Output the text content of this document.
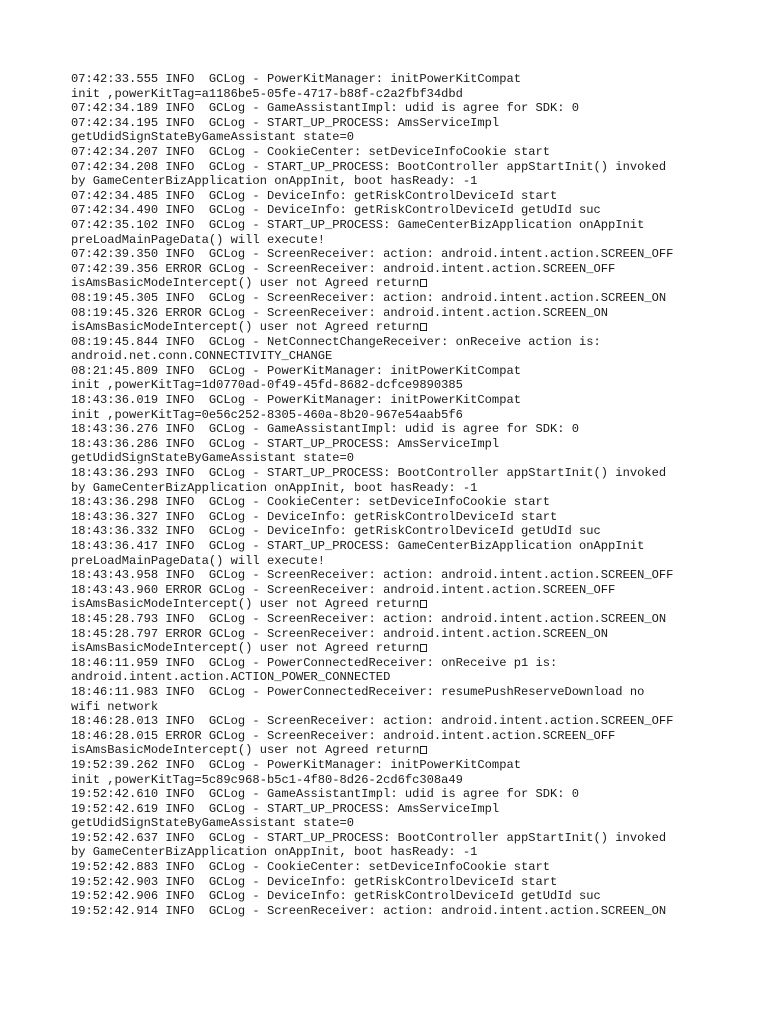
07:42:33.555 INFO  GCLog - PowerKitManager: initPowerKitCompat
init ,powerKitTag=a1186be5-05fe-4717-b88f-c2a2fbf34dbd
07:42:34.189 INFO  GCLog - GameAssistantImpl: udid is agree for SDK: 0
07:42:34.195 INFO  GCLog - START_UP_PROCESS: AmsServiceImpl
getUdidSignStateByGameAssistant state=0
07:42:34.207 INFO  GCLog - CookieCenter: setDeviceInfoCookie start
07:42:34.208 INFO  GCLog - START_UP_PROCESS: BootController appStartInit() invoked
by GameCenterBizApplication onAppInit, boot hasReady: -1
07:42:34.485 INFO  GCLog - DeviceInfo: getRiskControlDeviceId start
07:42:34.490 INFO  GCLog - DeviceInfo: getRiskControlDeviceId getUdId suc
07:42:35.102 INFO  GCLog - START_UP_PROCESS: GameCenterBizApplication onAppInit
preLoadMainPageData() will execute!
07:42:39.350 INFO  GCLog - ScreenReceiver: action: android.intent.action.SCREEN_OFF
07:42:39.356 ERROR GCLog - ScreenReceiver: android.intent.action.SCREEN_OFF
isAmsBasicModeIntercept() user not Agreed return
08:19:45.305 INFO  GCLog - ScreenReceiver: action: android.intent.action.SCREEN_ON
08:19:45.326 ERROR GCLog - ScreenReceiver: android.intent.action.SCREEN_ON
isAmsBasicModeIntercept() user not Agreed return
08:19:45.844 INFO  GCLog - NetConnectChangeReceiver: onReceive action is:
android.net.conn.CONNECTIVITY_CHANGE
08:21:45.809 INFO  GCLog - PowerKitManager: initPowerKitCompat
init ,powerKitTag=1d0770ad-0f49-45fd-8682-dcfce9890385
18:43:36.019 INFO  GCLog - PowerKitManager: initPowerKitCompat
init ,powerKitTag=0e56c252-8305-460a-8b20-967e54aab5f6
18:43:36.276 INFO  GCLog - GameAssistantImpl: udid is agree for SDK: 0
18:43:36.286 INFO  GCLog - START_UP_PROCESS: AmsServiceImpl
getUdidSignStateByGameAssistant state=0
18:43:36.293 INFO  GCLog - START_UP_PROCESS: BootController appStartInit() invoked
by GameCenterBizApplication onAppInit, boot hasReady: -1
18:43:36.298 INFO  GCLog - CookieCenter: setDeviceInfoCookie start
18:43:36.327 INFO  GCLog - DeviceInfo: getRiskControlDeviceId start
18:43:36.332 INFO  GCLog - DeviceInfo: getRiskControlDeviceId getUdId suc
18:43:36.417 INFO  GCLog - START_UP_PROCESS: GameCenterBizApplication onAppInit
preLoadMainPageData() will execute!
18:43:43.958 INFO  GCLog - ScreenReceiver: action: android.intent.action.SCREEN_OFF
18:43:43.960 ERROR GCLog - ScreenReceiver: android.intent.action.SCREEN_OFF
isAmsBasicModeIntercept() user not Agreed return
18:45:28.793 INFO  GCLog - ScreenReceiver: action: android.intent.action.SCREEN_ON
18:45:28.797 ERROR GCLog - ScreenReceiver: android.intent.action.SCREEN_ON
isAmsBasicModeIntercept() user not Agreed return
18:46:11.959 INFO  GCLog - PowerConnectedReceiver: onReceive p1 is:
android.intent.action.ACTION_POWER_CONNECTED
18:46:11.983 INFO  GCLog - PowerConnectedReceiver: resumePushReserveDownload no
wifi network
18:46:28.013 INFO  GCLog - ScreenReceiver: action: android.intent.action.SCREEN_OFF
18:46:28.015 ERROR GCLog - ScreenReceiver: android.intent.action.SCREEN_OFF
isAmsBasicModeIntercept() user not Agreed return
19:52:39.262 INFO  GCLog - PowerKitManager: initPowerKitCompat
init ,powerKitTag=5c89c968-b5c1-4f80-8d26-2cd6fc308a49
19:52:42.610 INFO  GCLog - GameAssistantImpl: udid is agree for SDK: 0
19:52:42.619 INFO  GCLog - START_UP_PROCESS: AmsServiceImpl
getUdidSignStateByGameAssistant state=0
19:52:42.637 INFO  GCLog - START_UP_PROCESS: BootController appStartInit() invoked
by GameCenterBizApplication onAppInit, boot hasReady: -1
19:52:42.883 INFO  GCLog - CookieCenter: setDeviceInfoCookie start
19:52:42.903 INFO  GCLog - DeviceInfo: getRiskControlDeviceId start
19:52:42.906 INFO  GCLog - DeviceInfo: getRiskControlDeviceId getUdId suc
19:52:42.914 INFO  GCLog - ScreenReceiver: action: android.intent.action.SCREEN_ON
